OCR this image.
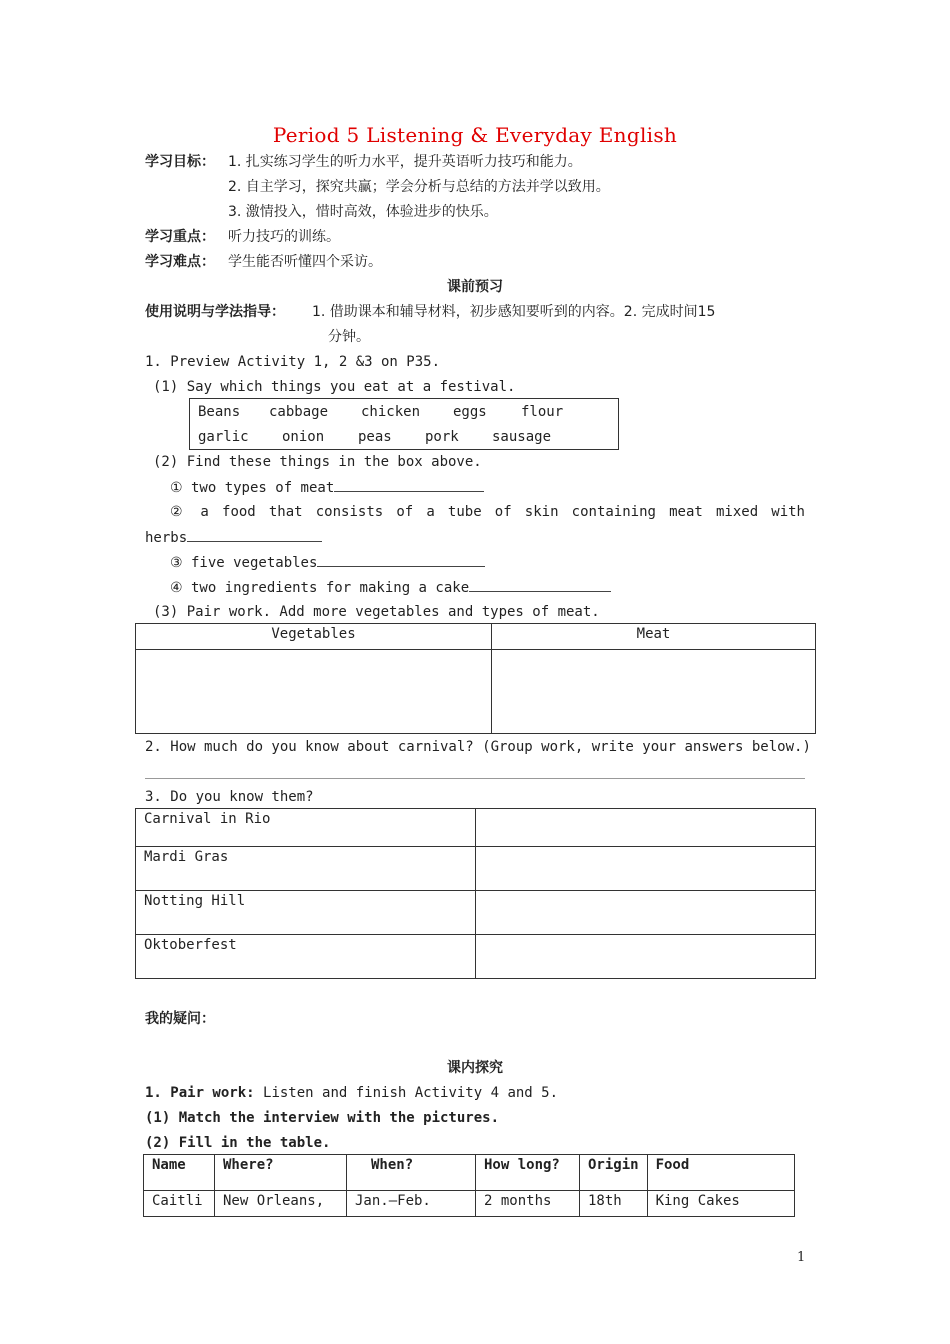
Period 5 Listening & Everyday English
学习目标： 1. 扎实练习学生的听力水平，提升英语听力技巧和能力。
2. 自主学习，探究共赢；学会分析与总结的方法并学以致用。
3. 激情投入，惜时高效，体验进步的快乐。
学习重点： 听力技巧的训练。
学习难点： 学生能否听懂四个采访。
课前预习
使用说明与学法指导： 1. 借助课本和辅导材料，初步感知要听到的内容。2. 完成时间15
分钟。
1. Preview Activity 1, 2 &3 on P35.
(1) Say which things you eat at a festival.
Beans cabbage chicken eggs flour
garlic onion peas pork sausage
(2) Find these things in the box above.
① two types of meat
② a food that consists of a tube of skin containing meat mixed with
herbs
③ five vegetables
④ two ingredients for making a cake
(3) Pair work. Add more vegetables and types of meat.
Vegetables	Meat

2. How much do you know about carnival? (Group work, write your answers below.)
3. Do you know them?
Carnival in Rio	
Mardi Gras	
Notting Hill	
Oktoberfest	
我的疑问：
课内探究
1. Pair work: Listen and finish Activity 4 and 5.
(1) Match the interview with the pictures.
(2) Fill in the table.
Name	Where?	When?	How long?	Origin	Food
Caitli	New Orleans,	Jan.—Feb.	2 months	18th	King Cakes
1
